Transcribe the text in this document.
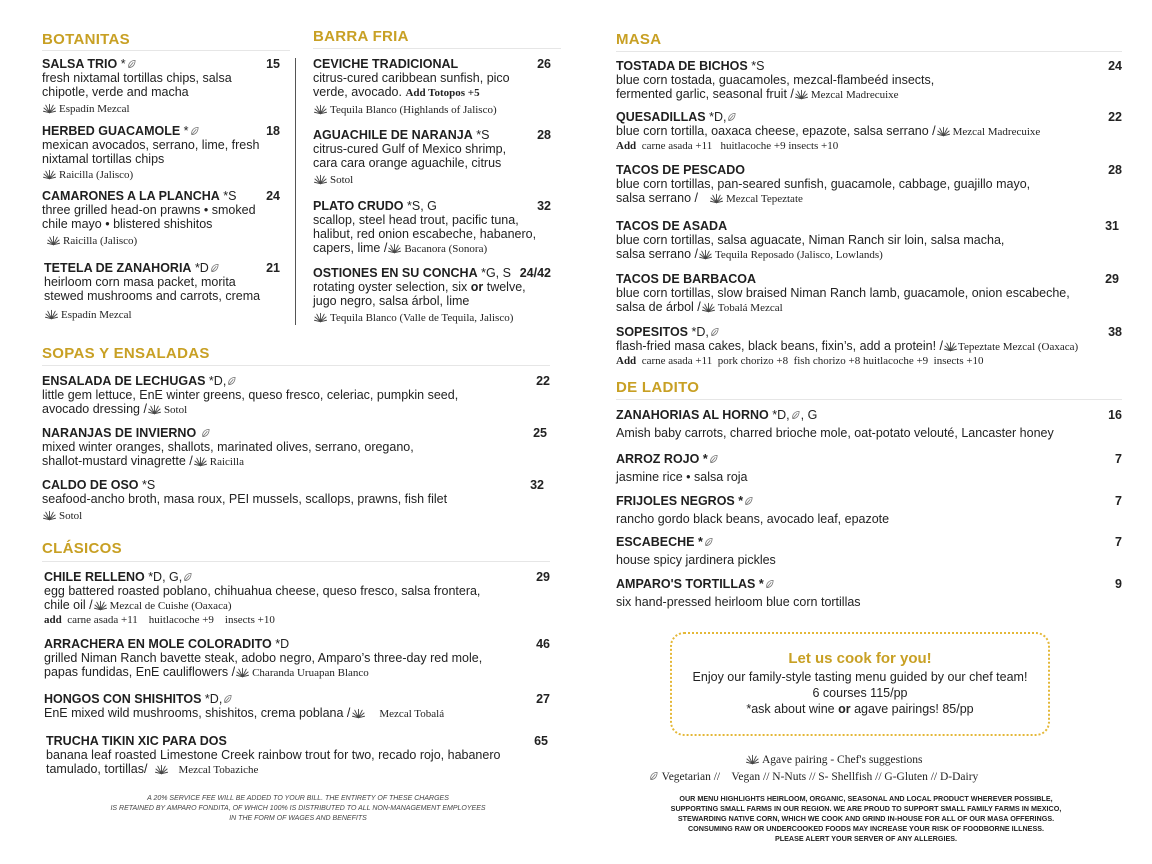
BOTANITAS	BARRA FRIA
SALSA TRIO *	15
fresh nixtamal tortillas chips, salsa
chipotle, verde and macha
Espadín Mezcal
HERBED GUACAMOLE *	18
mexican avocados, serrano, lime, fresh
nixtamal tortillas chips
Raicilla (Jalisco)
CAMARONES A LA PLANCHA *S	24
three grilled head-on prawns • smoked
chile mayo • blistered shishitos
Raicilla (Jalisco)
TETELA DE ZANAHORIA *D	21
heirloom corn masa packet, morita
stewed mushrooms and carrots, crema
Espadín Mezcal
CEVICHE TRADICIONAL	26
citrus-cured caribbean sunfish, pico
verde, avocado. Add Totopos +5
Tequila Blanco (Highlands of Jalisco)
AGUACHILE DE NARANJA *S	28
citrus-cured Gulf of Mexico shrimp,
cara cara orange aguachile, citrus
Sotol
PLATO CRUDO *S, G	32
scallop, steel head trout, pacific tuna,
halibut, red onion escabeche, habanero,
capers, lime / Bacanora (Sonora)
OSTIONES EN SU CONCHA *G, S 24/42
rotating oyster selection, six or twelve,
jugo negro, salsa árbol, lime
Tequila Blanco (Valle de Tequila, Jalisco)
SOPAS Y ENSALADAS
ENSALADA DE LECHUGAS *D,	22
little gem lettuce, EnE winter greens, queso fresco, celeriac, pumpkin seed,
avocado dressing / Sotol
NARANJAS DE INVIERNO	25
mixed winter oranges, shallots, marinated olives, serrano, oregano,
shallot-mustard vinagrette / Raicilla
CALDO DE OSO *S	32
seafood-ancho broth, masa roux, PEI mussels, scallops, prawns, fish filet
Sotol
CLÁSICOS
CHILE RELLENO *D, G,	29
egg battered roasted poblano, chihuahua cheese, queso fresco, salsa frontera,
chile oil / Mezcal de Cuishe (Oaxaca)
add carne asada +11    huitlacoche +9    insects +10
ARRACHERA EN MOLE COLORADITO *D	46
grilled Niman Ranch bavette steak, adobo negro, Amparo’s three-day red mole,
papas fundidas, EnE cauliflowers / Charanda Uruapan Blanco
HONGOS CON SHISHITOS *D,	27
EnE mixed wild mushrooms, shishitos, crema poblana /	Mezcal Tobalá
TRUCHA TIKIN XIC PARA DOS	65
banana leaf roasted Limestone Creek rainbow trout for two, recado rojo, habanero
tamulado, tortillas/	Mezcal Tobaziche
A 20% SERVICE FEE WILL BE ADDED TO YOUR BILL. THE ENTIRETY OF THESE CHARGES
IS RETAINED BY AMPARO FONDITA, OF WHICH 100% IS DISTRIBUTED TO ALL NON-MANAGEMENT EMPLOYEES
IN THE FORM OF WAGES AND BENEFITS
MASA
TOSTADA DE BICHOS *S	24
blue corn tostada, guacamoles, mezcal-flambeéd insects,
fermented garlic, seasonal fruit / Mezcal Madrecuixe
QUESADILLAS *D,	22
blue corn tortilla, oaxaca cheese, epazote, salsa serrano / Mezcal Madrecuixe
Add carne asada +11   huitlacoche +9 insects +10
TACOS DE PESCADO	28
blue corn tortillas, pan-seared sunfish, guacamole, cabbage, guajillo mayo,
salsa serrano /	Mezcal Tepeztate
TACOS DE ASADA	31
blue corn tortillas, salsa aguacate, Niman Ranch sir loin, salsa macha,
salsa serrano / Tequila Reposado (Jalisco, Lowlands)
TACOS DE BARBACOA	29
blue corn tortillas, slow braised Niman Ranch lamb, guacamole, onion escabeche,
salsa de árbol / Tobalá Mezcal
SOPESITOS *D,	38
flash-fried masa cakes, black beans, fixin’s, add a protein! / Tepeztate Mezcal (Oaxaca)
Add carne asada +11  pork chorizo +8  fish chorizo +8 huitlacoche +9  insects +10
DE LADITO
ZANAHORIAS AL HORNO *D, , G	16
Amish baby carrots, charred brioche mole, oat-potato velouté, Lancaster honey
ARROZ ROJO *	7
jasmine rice • salsa roja
FRIJOLES NEGROS *	7
rancho gordo black beans, avocado leaf, epazote
ESCABECHE *	7
house spicy jardinera pickles
AMPARO'S TORTILLAS *	9
six hand-pressed heirloom blue corn tortillas
Let us cook for you!
Enjoy our family-style tasting menu guided by our chef team!
6 courses 115/pp
*ask about wine or agave pairings! 85/pp
Agave pairing - Chef's suggestions
Vegetarian //    Vegan // N-Nuts // S- Shellfish // G-Gluten // D-Dairy
OUR MENU HIGHLIGHTS HEIRLOOM, ORGANIC, SEASONAL AND LOCAL PRODUCT WHEREVER POSSIBLE,
SUPPORTING SMALL FARMS IN OUR REGION. WE ARE PROUD TO SUPPORT SMALL FAMILY FARMS IN MEXICO,
STEWARDING NATIVE CORN, WHICH WE COOK AND GRIND IN-HOUSE FOR ALL OF OUR MASA OFFERINGS.
CONSUMING RAW OR UNDERCOOKED FOODS MAY INCREASE YOUR RISK OF FOODBORNE ILLNESS.
PLEASE ALERT YOUR SERVER OF ANY ALLERGIES.
